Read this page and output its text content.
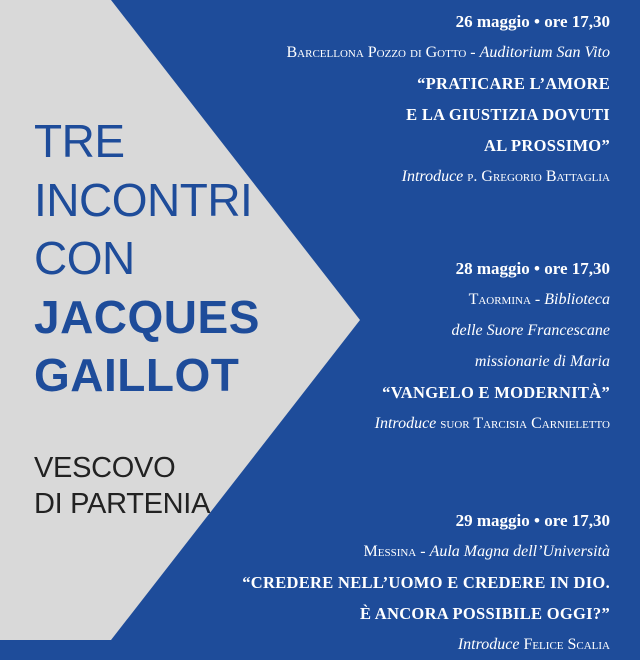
TRE
INCONTRI
CON
JACQUES
GAILLOT
VESCOVO
DI PARTENIA
26 maggio • ore 17,30
Barcellona Pozzo di Gotto - Auditorium San Vito
“PRATICARE L’AMORE
E LA GIUSTIZIA DOVUTI
AL PROSSIMO”
Introduce p. Gregorio Battaglia
28 maggio • ore 17,30
Taormina - Biblioteca
delle Suore Francescane
missionarie di Maria
“VANGELO E MODERNITÀ”
Introduce suor Tarcisia Carnieletto
29 maggio • ore 17,30
Messina - Aula Magna dell’Università
“CREDERE NELL’UOMO E CREDERE IN DIO.
È ANCORA POSSIBILE OGGI?”
Introduce Felice Scalia
